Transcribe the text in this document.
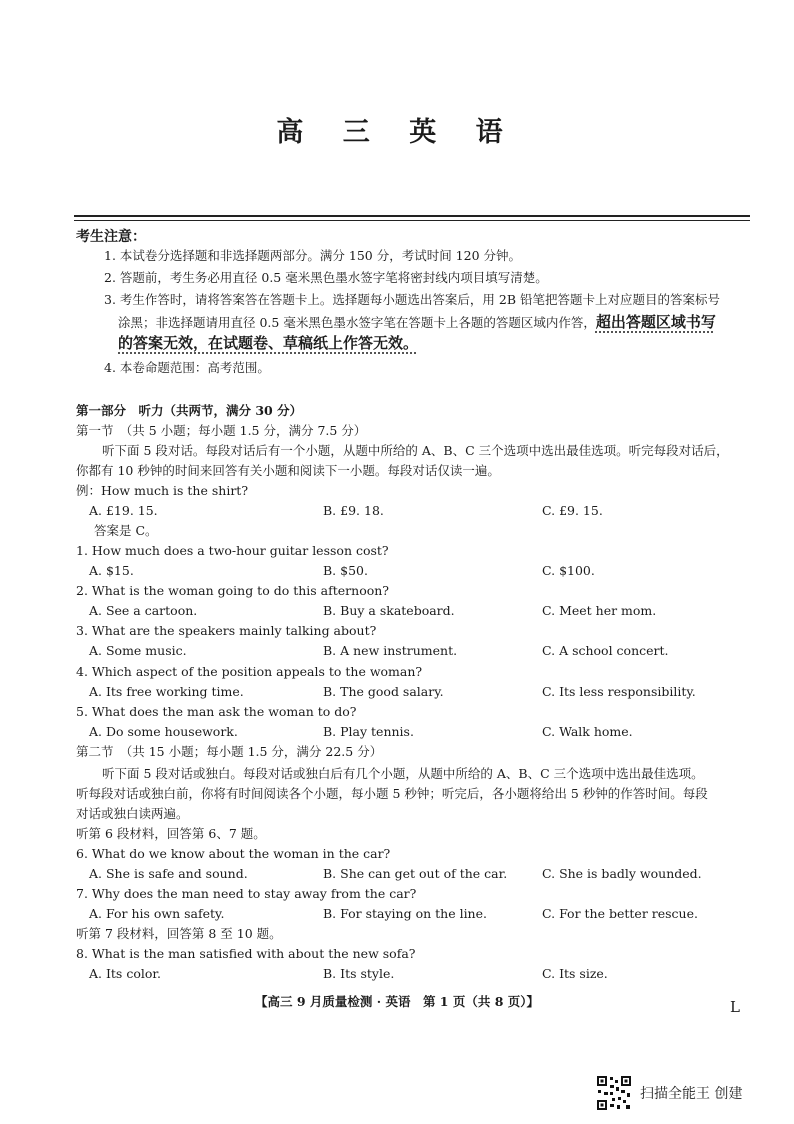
高 三 英 语
考生注意：
1. 本试卷分选择题和非选择题两部分。满分 150 分，考试时间 120 分钟。
2. 答题前，考生务必用直径 0.5 毫米黑色墨水签字笔将密封线内项目填写清楚。
3. 考生作答时，请将答案答在答题卡上。选择题每小题选出答案后，用 2B 铅笔把答题卡上对应题目的答案标号
涂黑；非选择题请用直径 0.5 毫米黑色墨水签字笔在答题卡上各题的答题区域内作答，超出答题区域书写
的答案无效，在试题卷、草稿纸上作答无效。
4. 本卷命题范围：高考范围。
第一部分　听力（共两节，满分 30 分）
第一节　（共 5 小题；每小题 1.5 分，满分 7.5 分）
听下面 5 段对话。每段对话后有一个小题，从题中所给的 A、B、C 三个选项中选出最佳选项。听完每段对话后，
你都有 10 秒钟的时间来回答有关小题和阅读下一小题。每段对话仅读一遍。
例：How much is the shirt?
A. £19. 15.	B. £9. 18.	C. £9. 15.
答案是 C。
1. How much does a two-hour guitar lesson cost?
A. $15.	B. $50.	C. $100.
2. What is the woman going to do this afternoon?
A. See a cartoon.	B. Buy a skateboard.	C. Meet her mom.
3. What are the speakers mainly talking about?
A. Some music.	B. A new instrument.	C. A school concert.
4. Which aspect of the position appeals to the woman?
A. Its free working time.	B. The good salary.	C. Its less responsibility.
5. What does the man ask the woman to do?
A. Do some housework.	B. Play tennis.	C. Walk home.
第二节　（共 15 小题；每小题 1.5 分，满分 22.5 分）
听下面 5 段对话或独白。每段对话或独白后有几个小题，从题中所给的 A、B、C 三个选项中选出最佳选项。
听每段对话或独白前，你将有时间阅读各个小题，每小题 5 秒钟；听完后，各小题将给出 5 秒钟的作答时间。每段
对话或独白读两遍。
听第 6 段材料，回答第 6、7 题。
6. What do we know about the woman in the car?
A. She is safe and sound.	B. She can get out of the car.	C. She is badly wounded.
7. Why does the man need to stay away from the car?
A. For his own safety.	B. For staying on the line.	C. For the better rescue.
听第 7 段材料，回答第 8 至 10 题。
8. What is the man satisfied with about the new sofa?
A. Its color.	B. Its style.	C. Its size.
【高三 9 月质量检测 · 英语　第 1 页（共 8 页）】	L
扫描全能王 创建
